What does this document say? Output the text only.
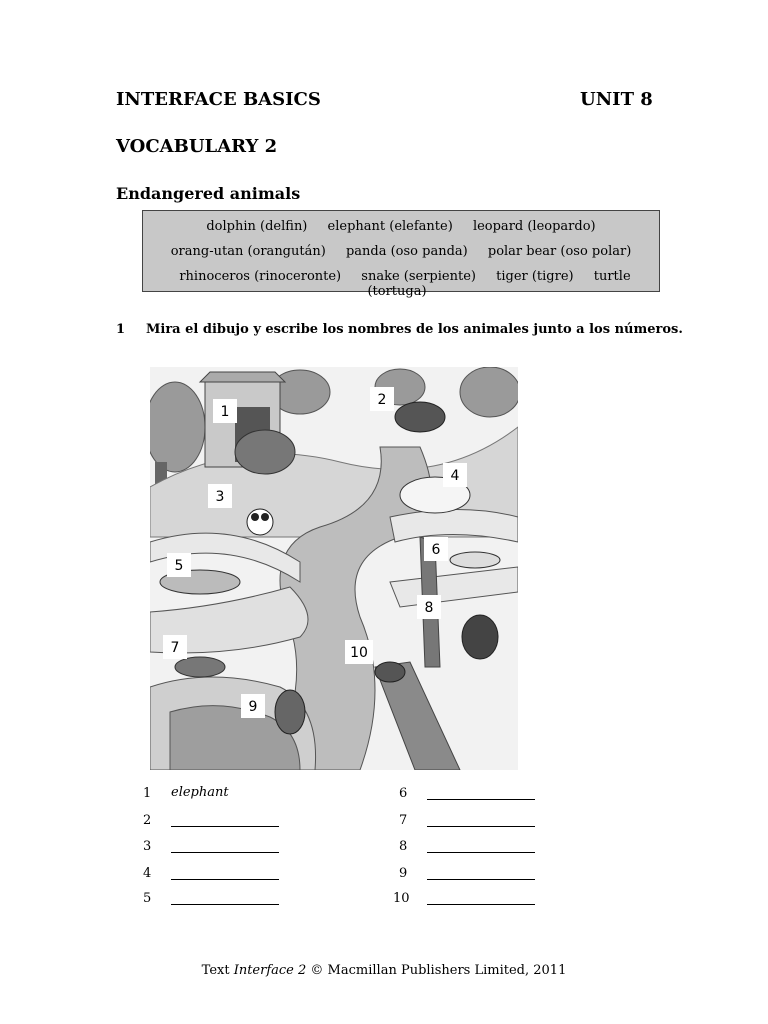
INTERFACE BASICS	UNIT 8
VOCABULARY 2
Endangered animals
dolphin (delfin) elephant (elefante) leopard (leopardo)
orang-utan (orangután) panda (oso panda) polar bear (oso polar)
rhinoceros (rinoceronte) snake (serpiente) tiger (tigre) turtle (tortuga)
1 Mira el dibujo y escribe los nombres de los animales junto a los números.
1
2
3
4
5
6
7
8
9
10
1	elephant
2
3
4
5
6
7
8
9
10
Text Interface 2 © Macmillan Publishers Limited, 2011
